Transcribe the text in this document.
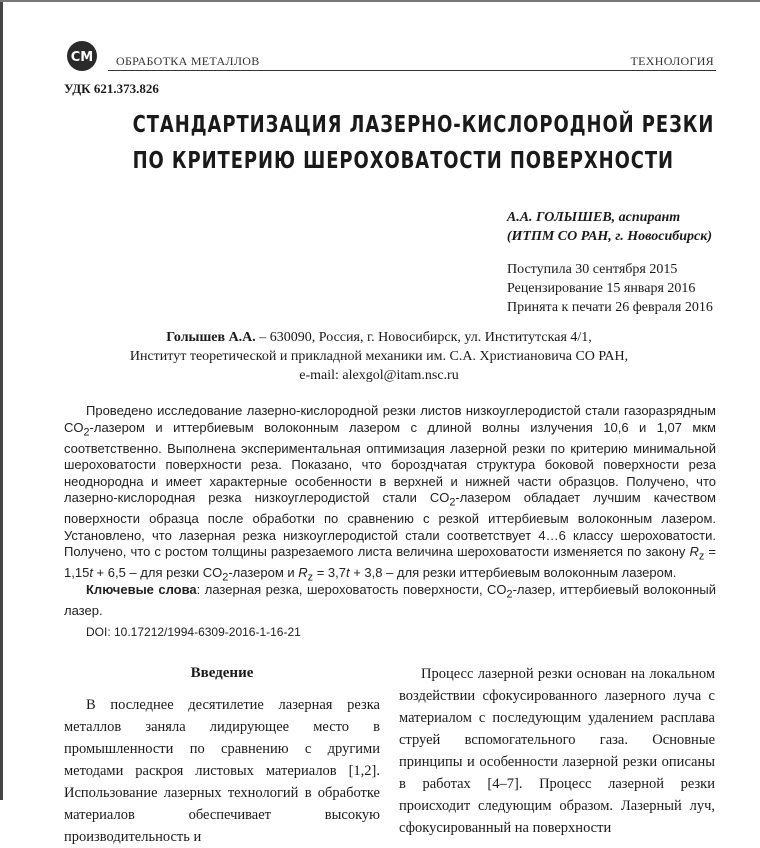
СМ ОБРАБОТКА МЕТАЛЛОВ	ТЕХНОЛОГИЯ
УДК 621.373.826
СТАНДАРТИЗАЦИЯ ЛАЗЕРНО-КИСЛОРОДНОЙ РЕЗКИ
ПО КРИТЕРИЮ ШЕРОХОВАТОСТИ ПОВЕРХНОСТИ
А.А. ГОЛЫШЕВ, аспирант
(ИТПМ СО РАН, г. Новосибирск)
Поступила 30 сентября 2015
Рецензирование 15 января 2016
Принята к печати 26 февраля 2016
Голышев А.А. – 630090, Россия, г. Новосибирск, ул. Институтская 4/1,
Институт теоретической и прикладной механики им. С.А. Христиановича СО РАН,
e-mail: alexgol@itam.nsc.ru
Проведено исследование лазерно-кислородной резки листов низкоуглеродистой стали газоразрядным $CO_2$-лазером и иттербиевым волоконным лазером с длиной волны излучения 10,6 и 1,07 мкм соответственно. Выполнена экспериментальная оптимизация лазерной резки по критерию минимальной шероховатости поверхности реза. Показано, что бороздчатая структура боковой поверхности реза неоднородна и имеет характерные особенности в верхней и нижней части образцов. Получено, что лазерно-кислородная резка низкоуглеродистой стали $CO_2$-лазером обладает лучшим качеством поверхности образца после обработки по сравнению с резкой иттербиевым волоконным лазером. Установлено, что лазерная резка низкоуглеродистой стали соответствует 4…6 классу шероховатости. Получено, что с ростом толщины разрезаемого листа величина шероховатости изменяется по закону $R_z = 1,15t + 6,5$ – для резки $CO_2$-лазером и $R_z = 3,7t + 3,8$ – для резки иттербиевым волоконным лазером.
Ключевые слова: лазерная резка, шероховатость поверхности, $CO_2$-лазер, иттербиевый волоконный лазер.
DOI: 10.17212/1994-6309-2016-1-16-21
Введение

В последнее десятилетие лазерная резка металлов заняла лидирующее место в промышленности по сравнению с другими методами раскроя листовых материалов [1,2]. Использование лазерных технологий в обработке материалов обеспечивает высокую производительность и

Процесс лазерной резки основан на локальном воздействии сфокусированного лазерного луча с материалом с последующим удалением расплава струей вспомогательного газа. Основные принципы и особенности лазерной резки описаны в работах [4–7]. Процесс лазерной резки происходит следующим образом. Лазерный луч, сфокусированный на поверхности
